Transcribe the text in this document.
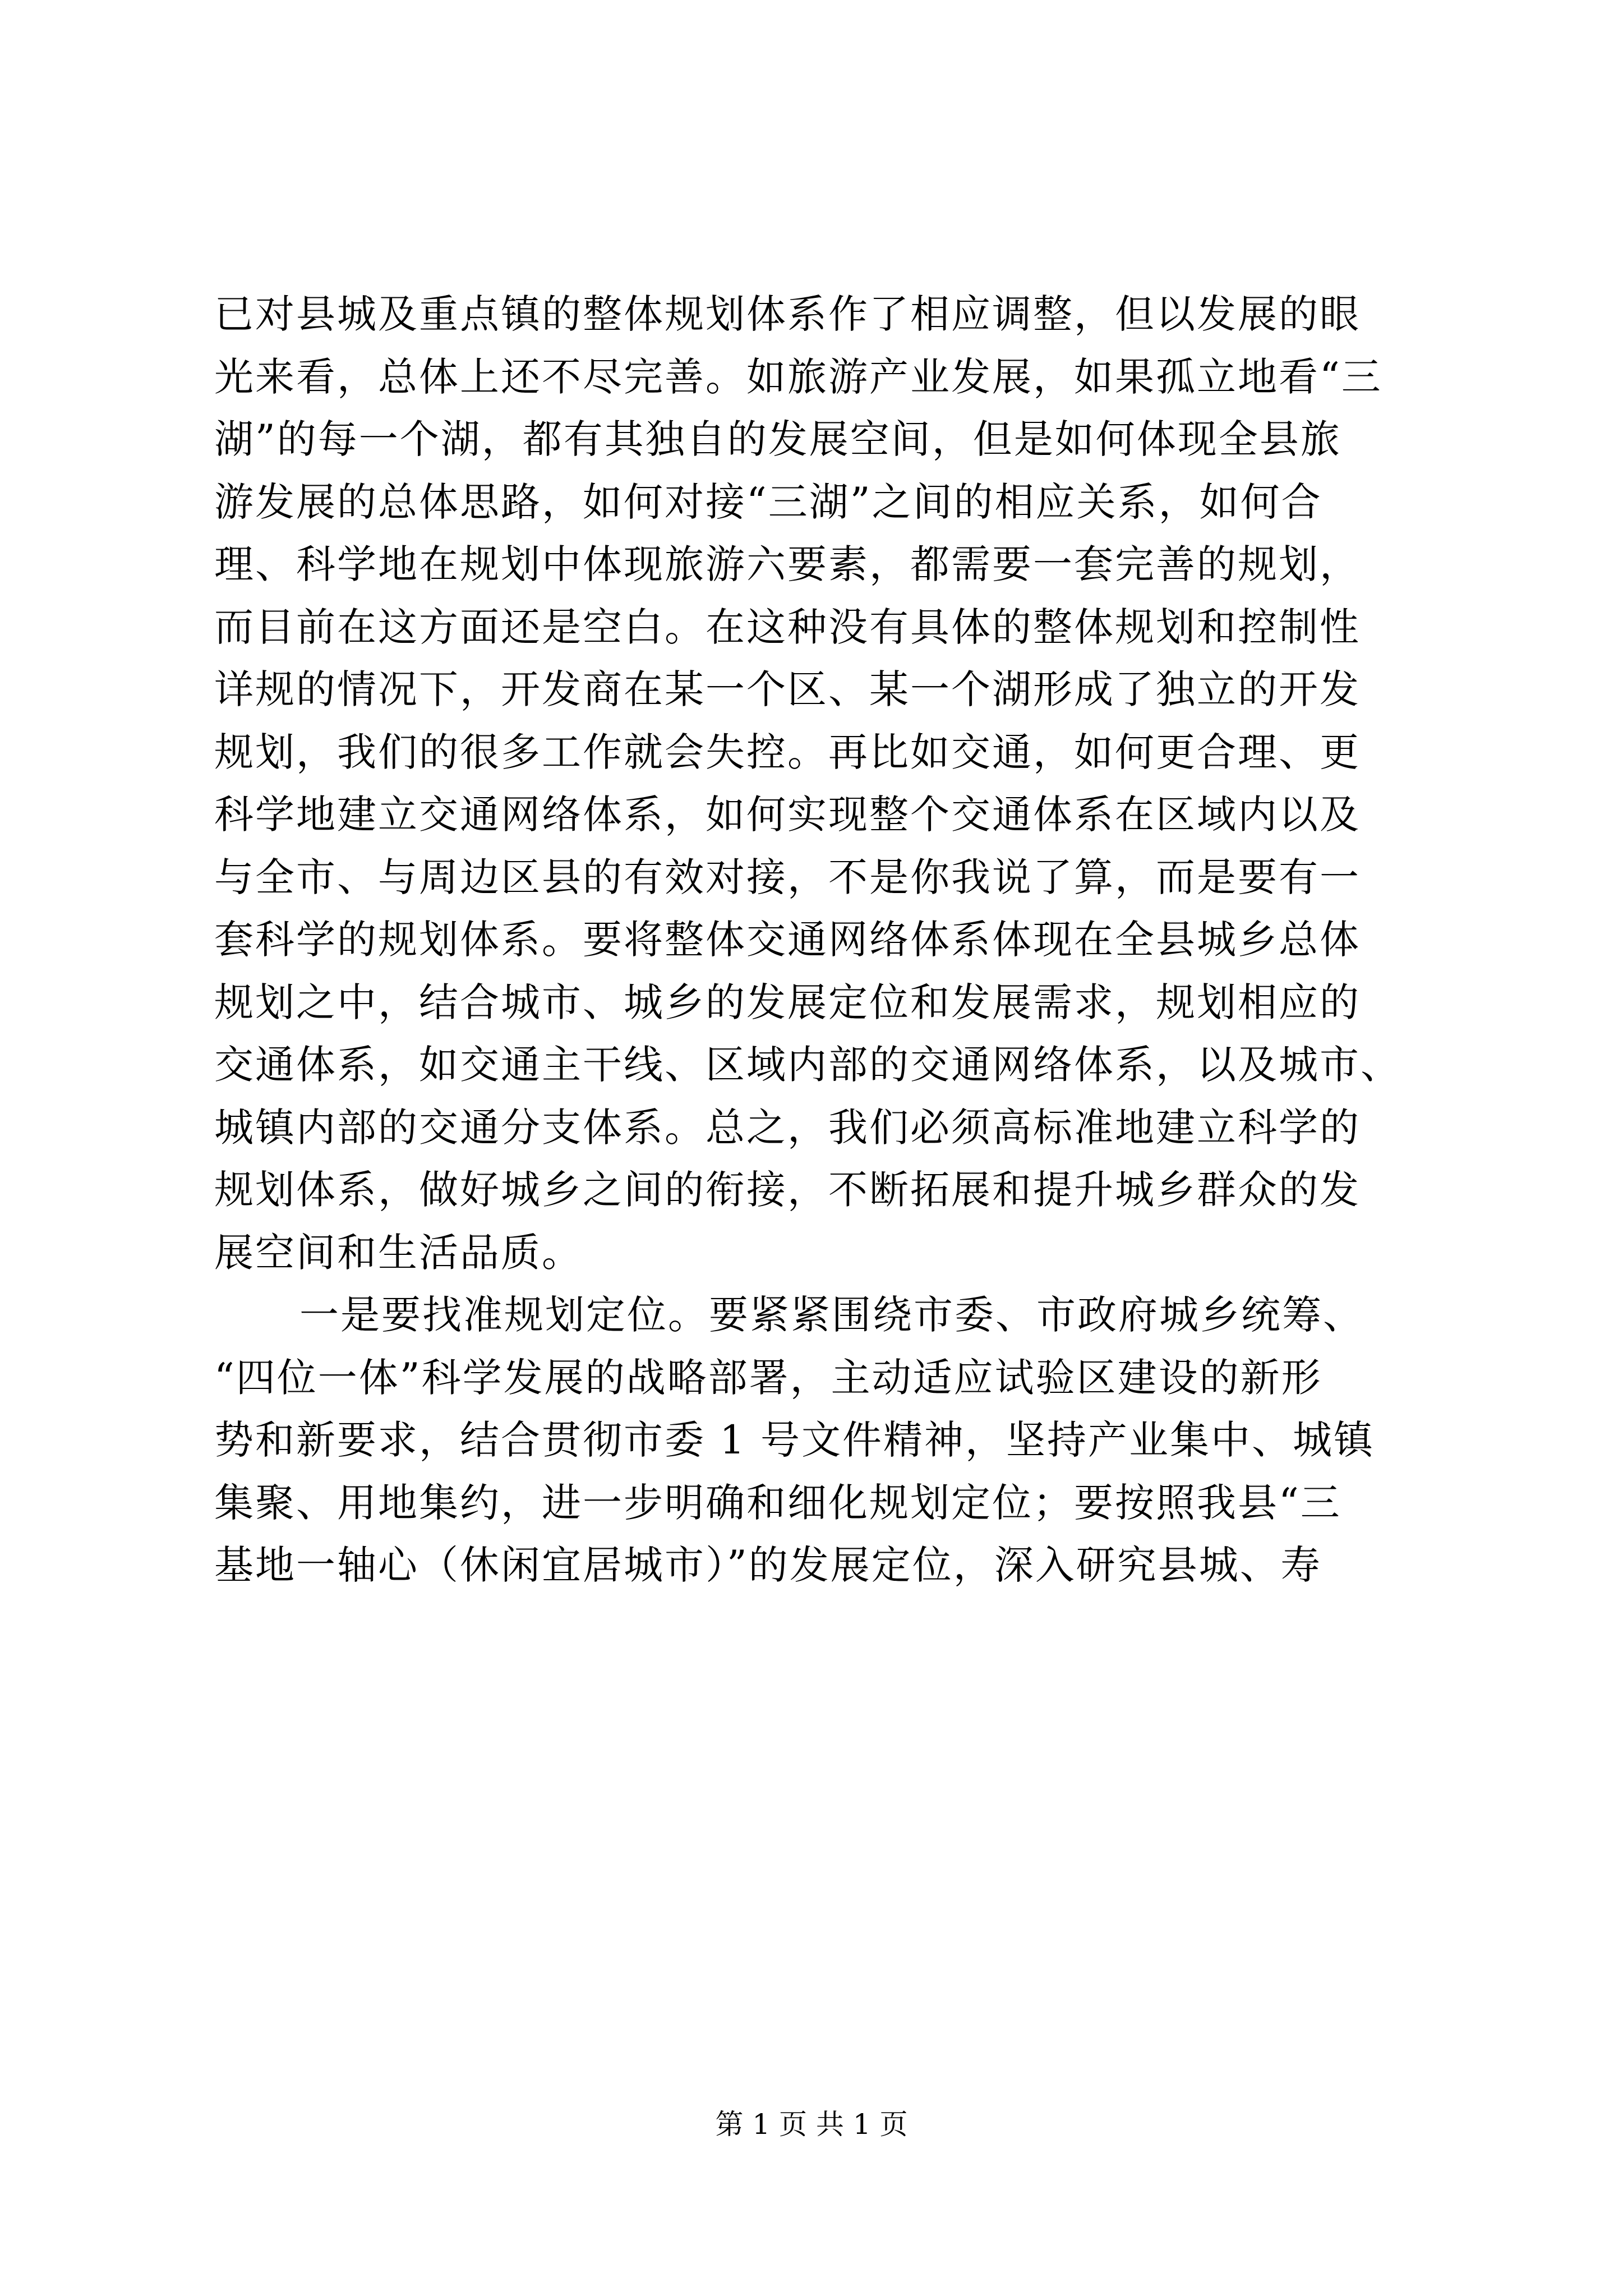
已对县城及重点镇的整体规划体系作了相应调整，但以发展的眼
光来看，总体上还不尽完善。如旅游产业发展，如果孤立地看“三
湖”的每一个湖，都有其独自的发展空间，但是如何体现全县旅
游发展的总体思路，如何对接“三湖”之间的相应关系，如何合
理、科学地在规划中体现旅游六要素，都需要一套完善的规划，
而目前在这方面还是空白。在这种没有具体的整体规划和控制性
详规的情况下，开发商在某一个区、某一个湖形成了独立的开发
规划，我们的很多工作就会失控。再比如交通，如何更合理、更
科学地建立交通网络体系，如何实现整个交通体系在区域内以及
与全市、与周边区县的有效对接，不是你我说了算，而是要有一
套科学的规划体系。要将整体交通网络体系体现在全县城乡总体
规划之中，结合城市、城乡的发展定位和发展需求，规划相应的
交通体系，如交通主干线、区域内部的交通网络体系，以及城市、
城镇内部的交通分支体系。总之，我们必须高标准地建立科学的
规划体系，做好城乡之间的衔接，不断拓展和提升城乡群众的发
展空间和生活品质。
一是要找准规划定位。要紧紧围绕市委、市政府城乡统筹、
“四位一体”科学发展的战略部署，主动适应试验区建设的新形
势和新要求，结合贯彻市委 1 号文件精神，坚持产业集中、城镇
集聚、用地集约，进一步明确和细化规划定位；要按照我县“三
基地一轴心（休闲宜居城市）”的发展定位，深入研究县城、寿
第 1 页 共 1 页
